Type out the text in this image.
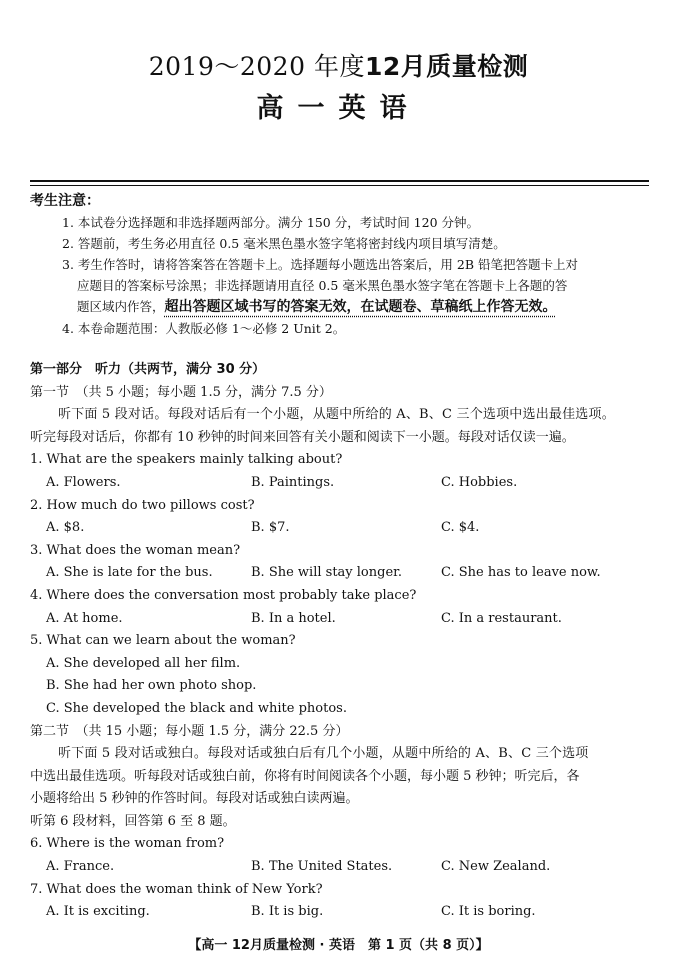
2019～2020 年度12月质量检测
高一英语
考生注意：

1. 本试卷分选择题和非选择题两部分。满分 150 分，考试时间 120 分钟。

2. 答题前，考生务必用直径 0.5 毫米黑色墨水签字笔将密封线内项目填写清楚。

3. 考生作答时，请将答案答在答题卡上。选择题每小题选出答案后，用 2B 铅笔把答题卡上对

应题目的答案标号涂黑；非选择题请用直径 0.5 毫米黑色墨水签字笔在答题卡上各题的答

题区域内作答，超出答题区域书写的答案无效，在试题卷、草稿纸上作答无效。

4. 本卷命题范围：人教版必修 1～必修 2 Unit 2。

第一部分　听力（共两节，满分 30 分）

第一节　（共 5 小题；每小题 1.5 分，满分 7.5 分）

听下面 5 段对话。每段对话后有一个小题，从题中所给的 A、B、C 三个选项中选出最佳选项。

听完每段对话后，你都有 10 秒钟的时间来回答有关小题和阅读下一小题。每段对话仅读一遍。

1. What are the speakers mainly talking about?

A. Flowers.	B. Paintings.	C. Hobbies.

2. How much do two pillows cost?

A. $8.	B. $7.	C. $4.

3. What does the woman mean?

A. She is late for the bus.	B. She will stay longer.	C. She has to leave now.

4. Where does the conversation most probably take place?

A. At home.	B. In a hotel.	C. In a restaurant.

5. What can we learn about the woman?

A. She developed all her film.

B. She had her own photo shop.

C. She developed the black and white photos.

第二节　（共 15 小题；每小题 1.5 分，满分 22.5 分）

听下面 5 段对话或独白。每段对话或独白后有几个小题，从题中所给的 A、B、C 三个选项

中选出最佳选项。听每段对话或独白前，你将有时间阅读各个小题，每小题 5 秒钟；听完后，各

小题将给出 5 秒钟的作答时间。每段对话或独白读两遍。

听第 6 段材料，回答第 6 至 8 题。

6. Where is the woman from?

A. France.	B. The United States.	C. New Zealand.

7. What does the woman think of New York?

A. It is exciting.	B. It is big.	C. It is boring.
【高一 12月质量检测 · 英语　第 1 页（共 8 页）】
